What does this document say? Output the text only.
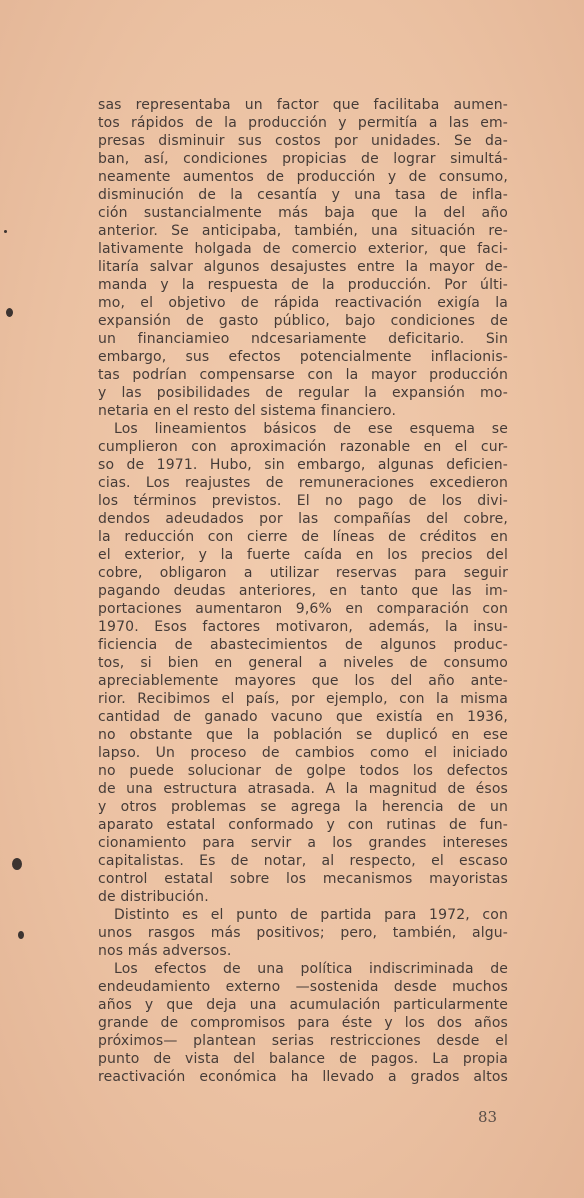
sas representaba un factor que facilitaba aumen-
tos rápidos de la producción y permitía a las em-
presas disminuir sus costos por unidades. Se da-
ban, así, condiciones propicias de lograr simultá-
neamente aumentos de producción y de consumo,
disminución de la cesantía y una tasa de infla-
ción sustancialmente más baja que la del año
anterior. Se anticipaba, también, una situación re-
lativamente holgada de comercio exterior, que faci-
litaría salvar algunos desajustes entre la mayor de-
manda y la respuesta de la producción. Por últi-
mo, el objetivo de rápida reactivación exigía la
expansión de gasto público, bajo condiciones de
un financiamieo ndcesariamente deficitario. Sin
embargo, sus efectos potencialmente inflacionis-
tas podrían compensarse con la mayor producción
y las posibilidades de regular la expansión mo-
netaria en el resto del sistema financiero.

Los lineamientos básicos de ese esquema se
cumplieron con aproximación razonable en el cur-
so de 1971. Hubo, sin embargo, algunas deficien-
cias. Los reajustes de remuneraciones excedieron
los términos previstos. El no pago de los divi-
dendos adeudados por las compañías del cobre,
la reducción con cierre de líneas de créditos en
el exterior, y la fuerte caída en los precios del
cobre, obligaron a utilizar reservas para seguir
pagando deudas anteriores, en tanto que las im-
portaciones aumentaron 9,6% en comparación con
1970. Esos factores motivaron, además, la insu-
ficiencia de abastecimientos de algunos produc-
tos, si bien en general a niveles de consumo
apreciablemente mayores que los del año ante-
rior. Recibimos el país, por ejemplo, con la misma
cantidad de ganado vacuno que existía en 1936,
no obstante que la población se duplicó en ese
lapso. Un proceso de cambios como el iniciado
no puede solucionar de golpe todos los defectos
de una estructura atrasada. A la magnitud de ésos
y otros problemas se agrega la herencia de un
aparato estatal conformado y con rutinas de fun-
cionamiento para servir a los grandes intereses
capitalistas. Es de notar, al respecto, el escaso
control estatal sobre los mecanismos mayoristas
de distribución.

Distinto es el punto de partida para 1972, con
unos rasgos más positivos; pero, también, algu-
nos más adversos.

Los efectos de una política indiscriminada de
endeudamiento externo —sostenida desde muchos
años y que deja una acumulación particularmente
grande de compromisos para éste y los dos años
próximos— plantean serias restricciones desde el
punto de vista del balance de pagos. La propia
reactivación económica ha llevado a grados altos

83
